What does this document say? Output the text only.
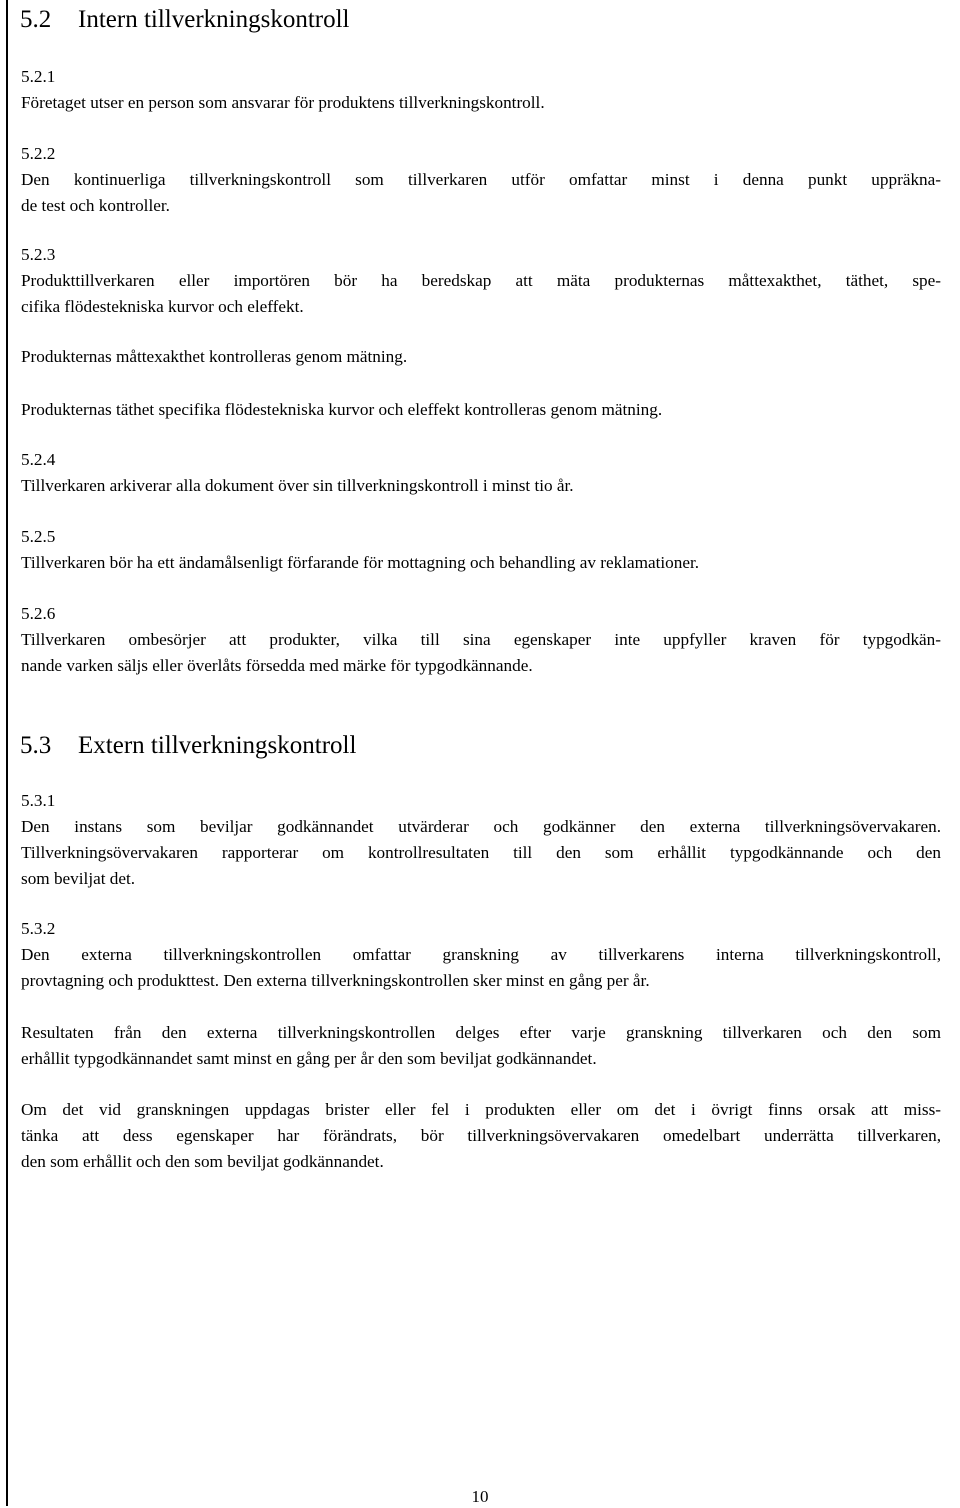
5.2 Intern tillverkningskontroll
5.2.1
Företaget utser en person som ansvarar för produktens tillverkningskontroll.
5.2.2
Den kontinuerliga tillverkningskontroll som tillverkaren utför omfattar minst i denna punkt uppräkna-
de test och kontroller.
5.2.3
Produkttillverkaren eller importören bör ha beredskap att mäta produkternas måttexakthet, täthet, spe-
cifika flödestekniska kurvor och eleffekt.
Produkternas måttexakthet kontrolleras genom mätning.
Produkternas täthet specifika flödestekniska kurvor och eleffekt kontrolleras genom mätning.
5.2.4
Tillverkaren arkiverar alla dokument över sin tillverkningskontroll i minst tio år.
5.2.5
Tillverkaren bör ha ett ändamålsenligt förfarande för mottagning och behandling av reklamationer.
5.2.6
Tillverkaren ombesörjer att produkter, vilka till sina egenskaper inte uppfyller kraven för typgodkän-
nande varken säljs eller överlåts försedda med märke för typgodkännande.
5.3 Extern tillverkningskontroll
5.3.1
Den instans som beviljar godkännandet utvärderar och godkänner den externa tillverkningsövervakaren.
Tillverkningsövervakaren rapporterar om kontrollresultaten till den som erhållit typgodkännande och den
som beviljat det.
5.3.2
Den externa tillverkningskontrollen omfattar granskning av tillverkarens interna tillverkningskontroll,
provtagning och produkttest. Den externa tillverkningskontrollen sker minst en gång per år.
Resultaten från den externa tillverkningskontrollen delges efter varje granskning tillverkaren och den som
erhållit typgodkännandet samt minst en gång per år den som beviljat godkännandet.
Om det vid granskningen uppdagas brister eller fel i produkten eller om det i övrigt finns orsak att miss-
tänka att dess egenskaper har förändrats, bör tillverkningsövervakaren omedelbart underrätta tillverkaren,
den som erhållit och den som beviljat godkännandet.
10
